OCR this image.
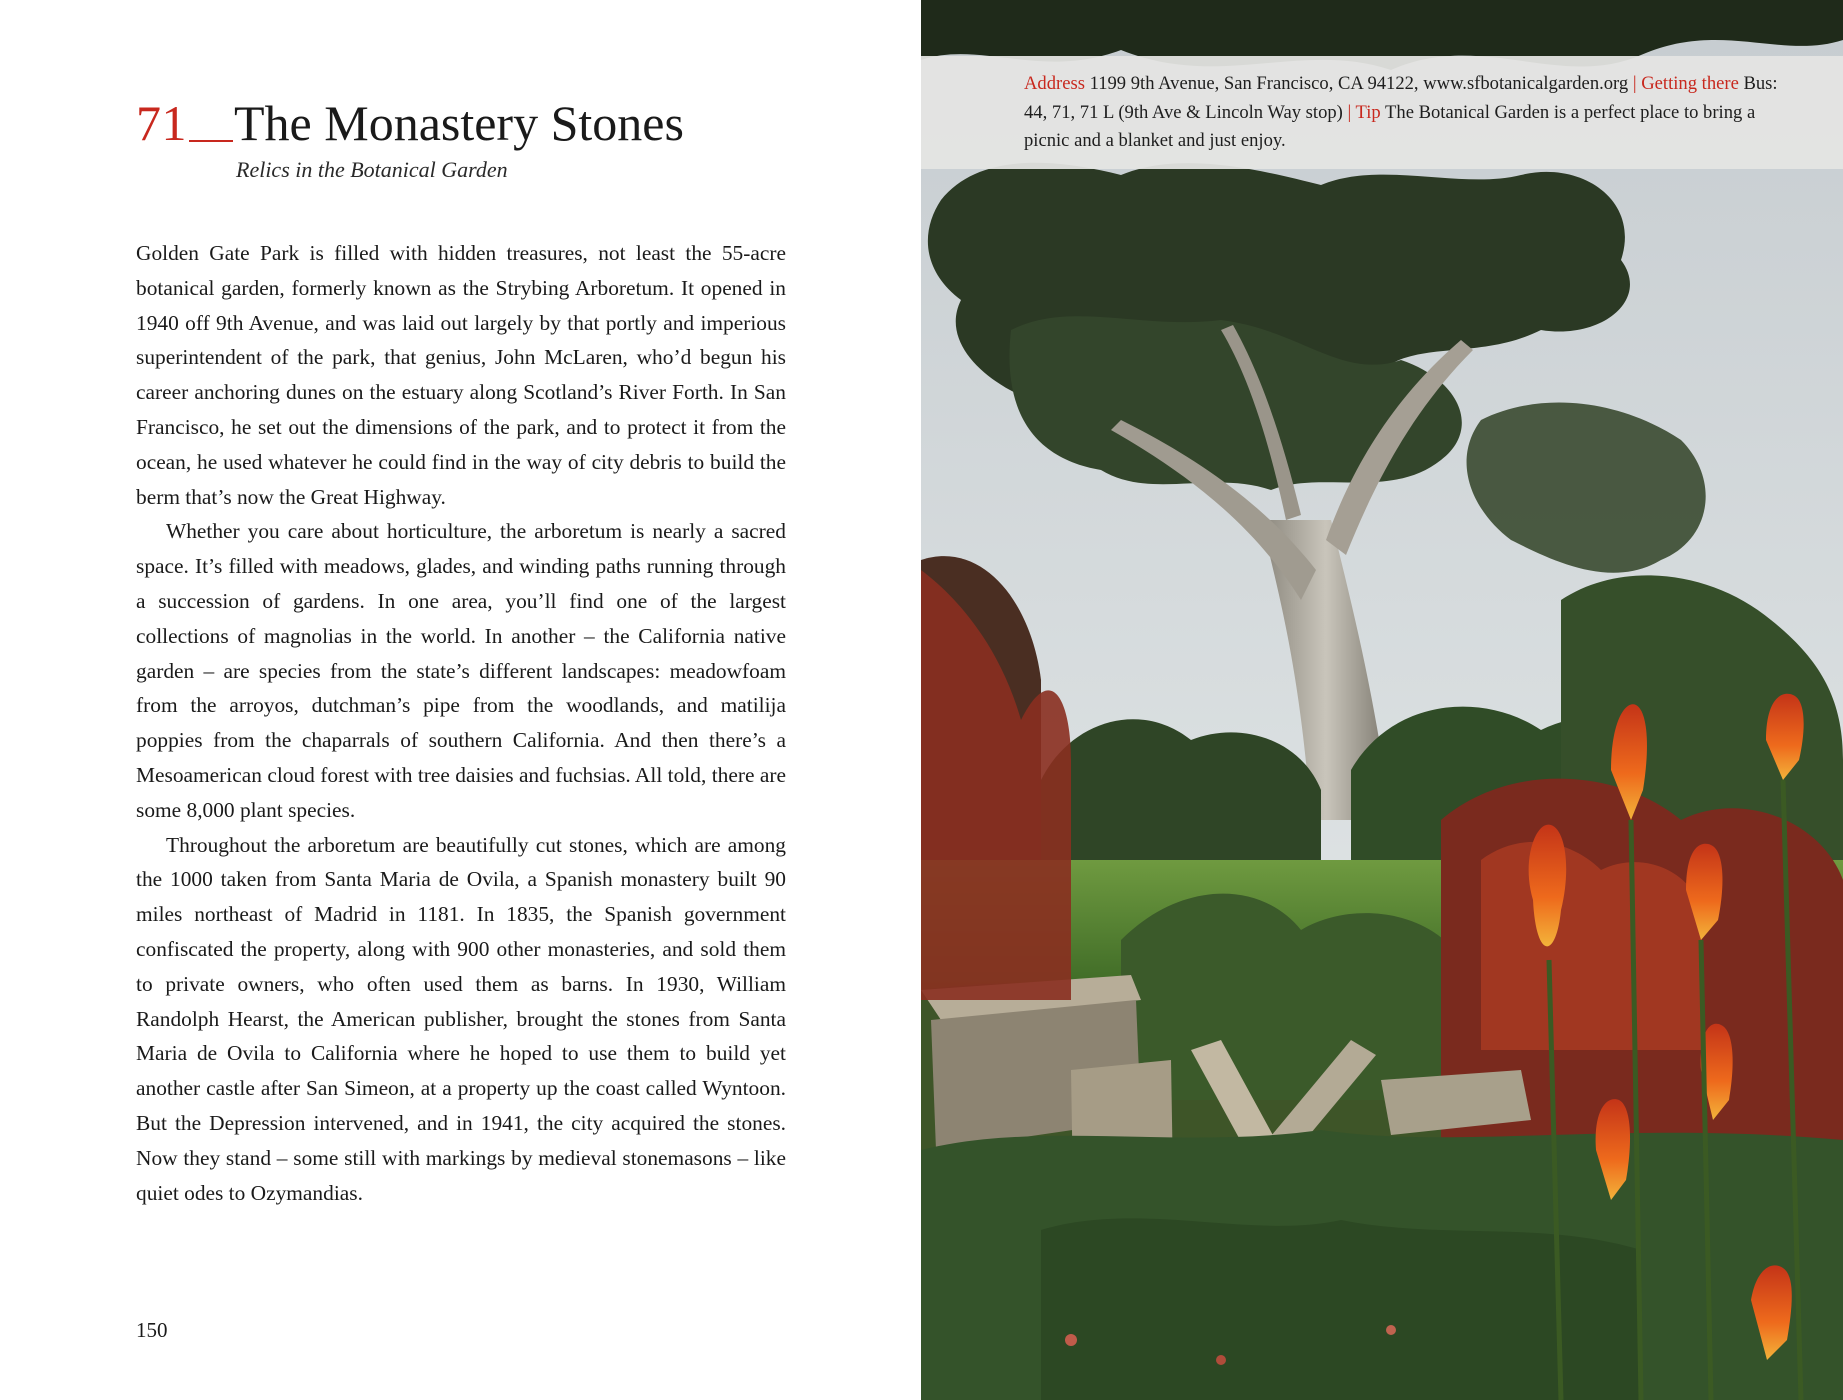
71 The Monastery Stones
Relics in the Botanical Garden

Golden Gate Park is filled with hidden treasures, not least the 55-acre botanical garden, formerly known as the Strybing Arboretum. It opened in 1940 off 9th Avenue, and was laid out largely by that portly and imperious superintendent of the park, that genius, John McLaren, who’d begun his career anchoring dunes on the estuary along Scotland’s River Forth. In San Francisco, he set out the dimensions of the park, and to protect it from the ocean, he used whatever he could find in the way of city debris to build the berm that’s now the Great Highway.

Whether you care about horticulture, the arboretum is nearly a sacred space. It’s filled with meadows, glades, and winding paths running through a succession of gardens. In one area, you’ll find one of the largest collections of magnolias in the world. In another – the California native garden – are species from the state’s different landscapes: meadowfoam from the arroyos, dutchman’s pipe from the woodlands, and matilija poppies from the chaparrals of southern California. And then there’s a Mesoamerican cloud forest with tree daisies and fuchsias. All told, there are some 8,000 plant species.

Throughout the arboretum are beautifully cut stones, which are among the 1000 taken from Santa Maria de Ovila, a Spanish monastery built 90 miles northeast of Madrid in 1181. In 1835, the Spanish government confiscated the property, along with 900 other monasteries, and sold them to private owners, who often used them as barns. In 1930, William Randolph Hearst, the American publisher, brought the stones from Santa Maria de Ovila to California where he hoped to use them to build yet another castle after San Simeon, at a property up the coast called Wyntoon. But the Depression intervened, and in 1941, the city acquired the stones. Now they stand – some still with markings by medieval stonemasons – like quiet odes to Ozymandias.

150
Address 1199 9th Avenue, San Francisco, CA 94122, www.sfbotanicalgarden.org | Getting there Bus: 44, 71, 71 L (9th Ave & Lincoln Way stop) | Tip The Botanical Garden is a perfect place to bring a picnic and a blanket and just enjoy.
